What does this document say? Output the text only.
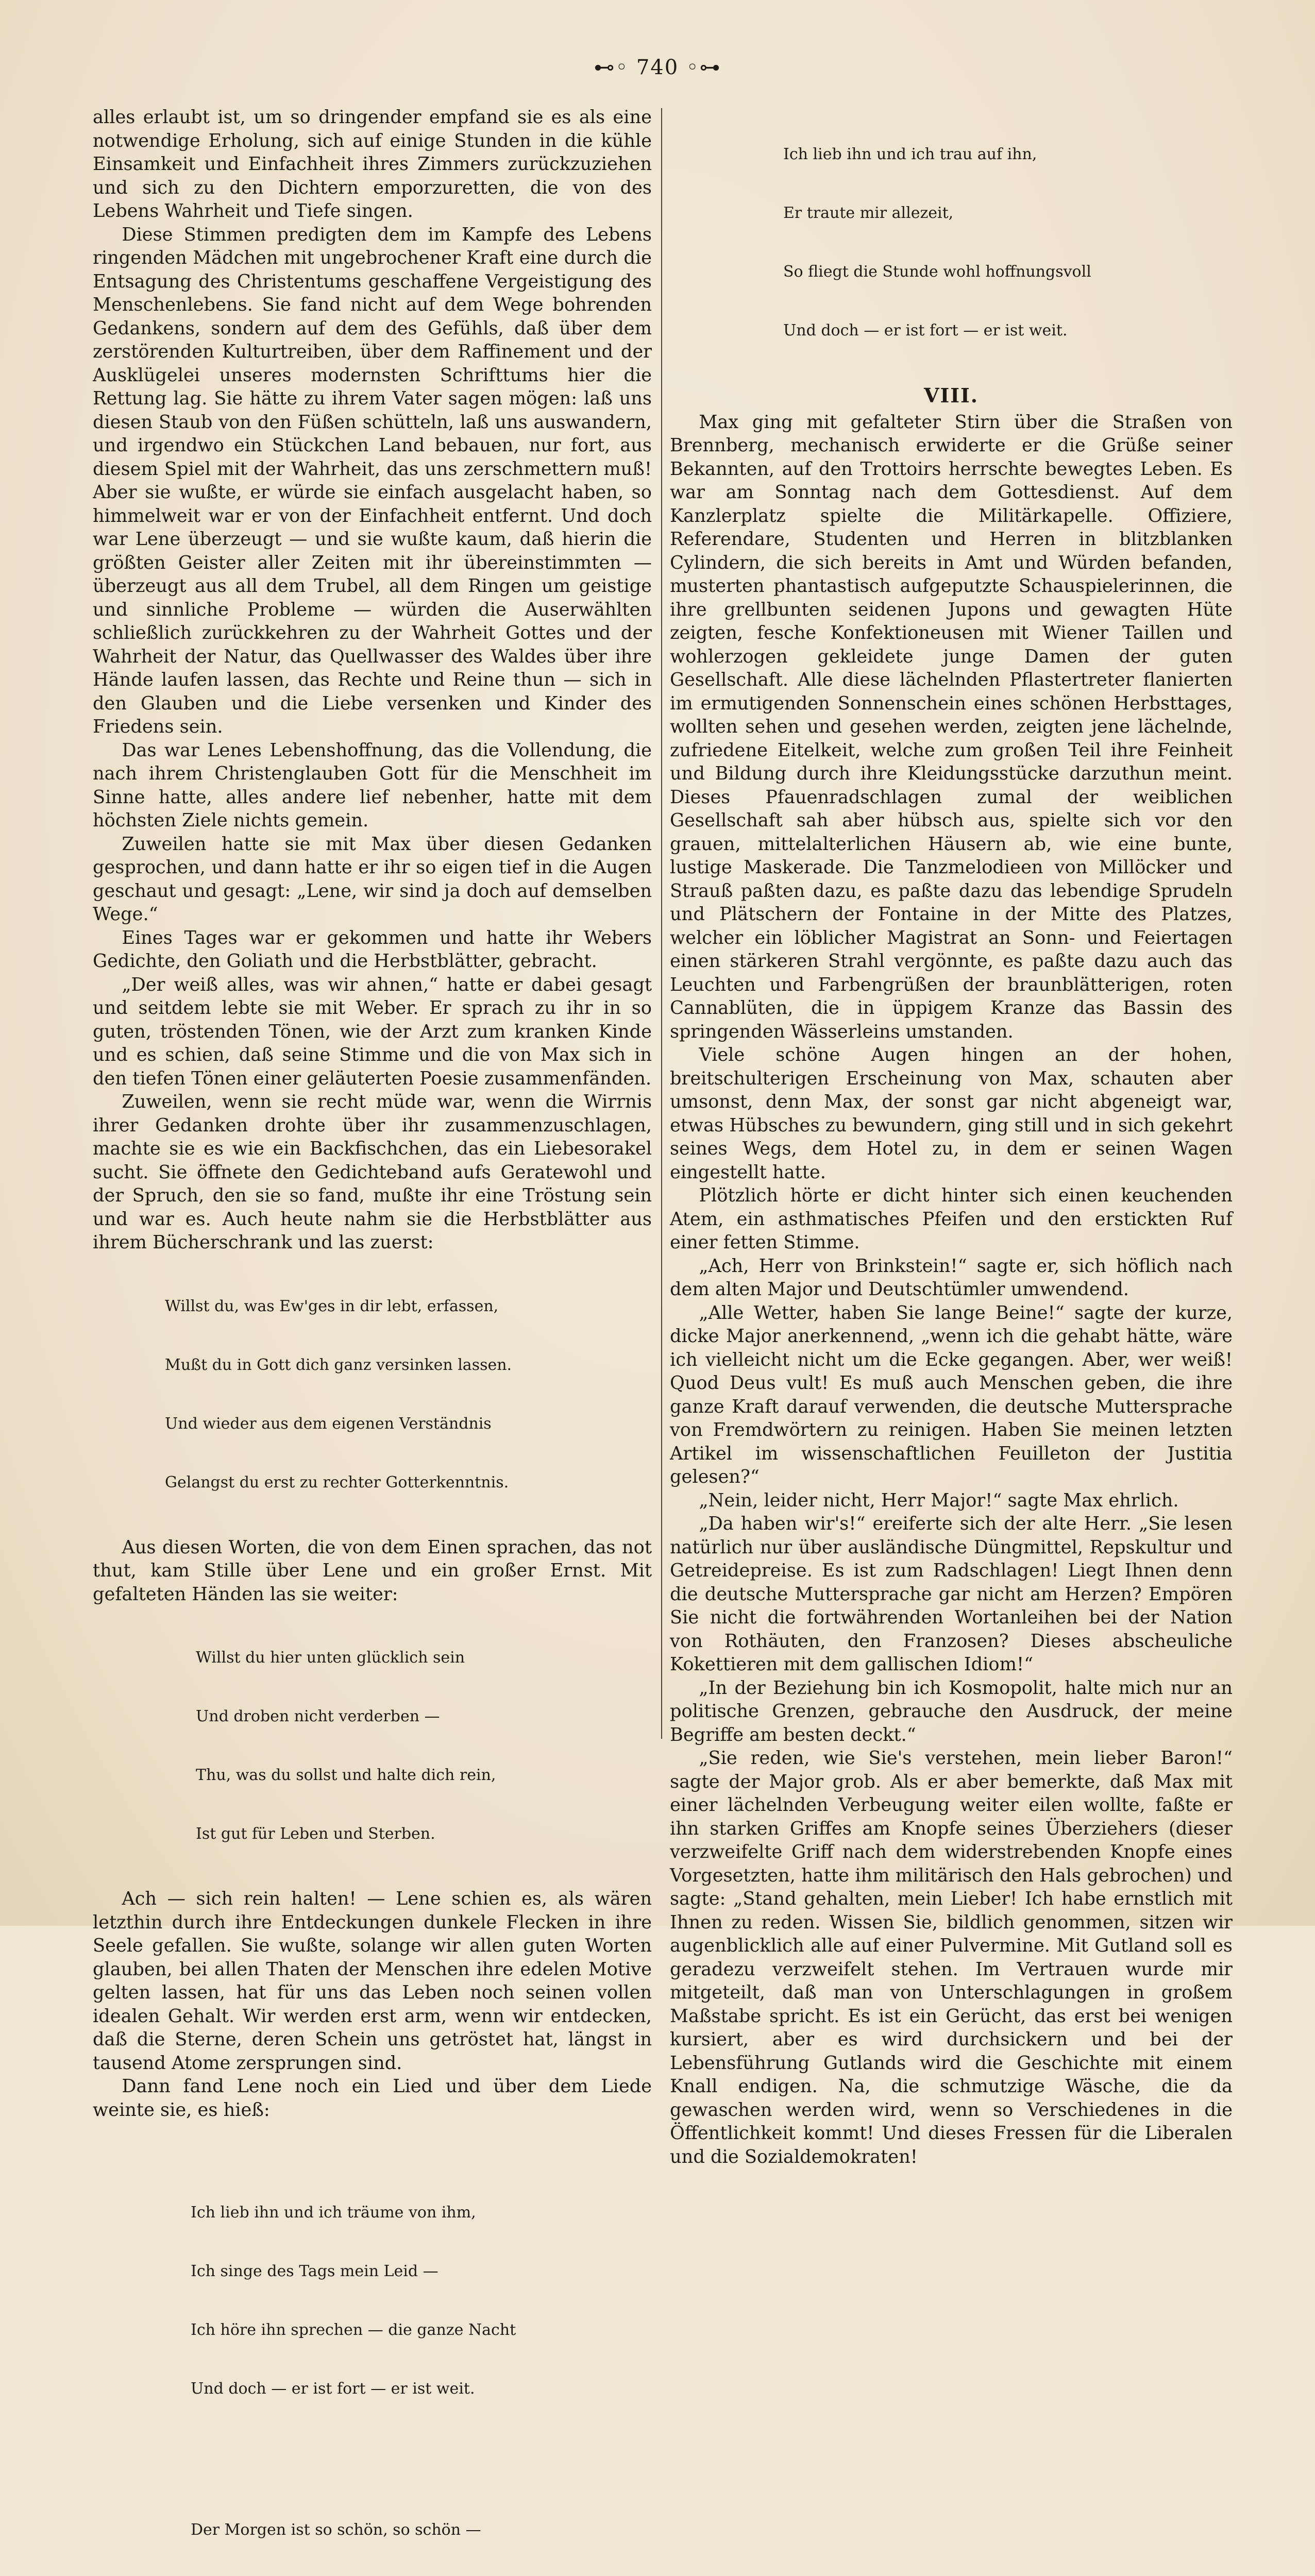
⊷◦ 740 ◦⊶

alles erlaubt ist, um so dringender empfand sie es als eine notwendige Erholung, sich auf einige Stunden in die kühle Einsamkeit und Einfachheit ihres Zimmers zurückzuziehen und sich zu den Dichtern emporzuretten, die von des Lebens Wahrheit und Tiefe singen.

Diese Stimmen predigten dem im Kampfe des Lebens ringenden Mädchen mit ungebrochener Kraft eine durch die Entsagung des Christentums geschaffene Vergeistigung des Menschenlebens. Sie fand nicht auf dem Wege bohrenden Gedankens, sondern auf dem des Gefühls, daß über dem zerstörenden Kulturtreiben, über dem Raffinement und der Ausklügelei unseres modernsten Schrifttums hier die Rettung lag. Sie hätte zu ihrem Vater sagen mögen: laß uns diesen Staub von den Füßen schütteln, laß uns auswandern, und irgendwo ein Stückchen Land bebauen, nur fort, aus diesem Spiel mit der Wahrheit, das uns zerschmettern muß! Aber sie wußte, er würde sie einfach ausgelacht haben, so himmelweit war er von der Einfachheit entfernt. Und doch war Lene überzeugt — und sie wußte kaum, daß hierin die größten Geister aller Zeiten mit ihr übereinstimmten — überzeugt aus all dem Trubel, all dem Ringen um geistige und sinnliche Probleme — würden die Auserwählten schließlich zurückkehren zu der Wahrheit Gottes und der Wahrheit der Natur, das Quellwasser des Waldes über ihre Hände laufen lassen, das Rechte und Reine thun — sich in den Glauben und die Liebe versenken und Kinder des Friedens sein.

Das war Lenes Lebenshoffnung, das die Vollendung, die nach ihrem Christenglauben Gott für die Menschheit im Sinne hatte, alles andere lief nebenher, hatte mit dem höchsten Ziele nichts gemein.

Zuweilen hatte sie mit Max über diesen Gedanken gesprochen, und dann hatte er ihr so eigen tief in die Augen geschaut und gesagt: „Lene, wir sind ja doch auf demselben Wege.“

Eines Tages war er gekommen und hatte ihr Webers Gedichte, den Goliath und die Herbstblätter, gebracht.

„Der weiß alles, was wir ahnen,“ hatte er dabei gesagt und seitdem lebte sie mit Weber. Er sprach zu ihr in so guten, tröstenden Tönen, wie der Arzt zum kranken Kinde und es schien, daß seine Stimme und die von Max sich in den tiefen Tönen einer geläuterten Poesie zusammenfänden.

Zuweilen, wenn sie recht müde war, wenn die Wirrnis ihrer Gedanken drohte über ihr zusammenzuschlagen, machte sie es wie ein Backfischchen, das ein Liebesorakel sucht. Sie öffnete den Gedichteband aufs Geratewohl und der Spruch, den sie so fand, mußte ihr eine Tröstung sein und war es. Auch heute nahm sie die Herbstblätter aus ihrem Bücherschrank und las zuerst:

Willst du, was Ew'ges in dir lebt, erfassen,

Mußt du in Gott dich ganz versinken lassen.

Und wieder aus dem eigenen Verständnis

Gelangst du erst zu rechter Gotterkenntnis.

Aus diesen Worten, die von dem Einen sprachen, das not thut, kam Stille über Lene und ein großer Ernst. Mit gefalteten Händen las sie weiter:

Willst du hier unten glücklich sein

Und droben nicht verderben —

Thu, was du sollst und halte dich rein,

Ist gut für Leben und Sterben.

Ach — sich rein halten! — Lene schien es, als wären letzthin durch ihre Entdeckungen dunkele Flecken in ihre Seele gefallen. Sie wußte, solange wir allen guten Worten glauben, bei allen Thaten der Menschen ihre edelen Motive gelten lassen, hat für uns das Leben noch seinen vollen idealen Gehalt. Wir werden erst arm, wenn wir entdecken, daß die Sterne, deren Schein uns getröstet hat, längst in tausend Atome zersprungen sind.

Dann fand Lene noch ein Lied und über dem Liede weinte sie, es hieß:

Ich lieb ihn und ich träume von ihm,

Ich singe des Tags mein Leid —

Ich höre ihn sprechen — die ganze Nacht

Und doch — er ist fort — er ist weit.

Der Morgen ist so schön, so schön —

Ich lieb ihn und ich trau auf ihn,

Er traute mir allezeit,

So fliegt die Stunde wohl hoffnungsvoll

Und doch — er ist fort — er ist weit.

VIII.

Max ging mit gefalteter Stirn über die Straßen von Brennberg, mechanisch erwiderte er die Grüße seiner Bekannten, auf den Trottoirs herrschte bewegtes Leben. Es war am Sonntag nach dem Gottesdienst. Auf dem Kanzlerplatz spielte die Militärkapelle. Offiziere, Referendare, Studenten und Herren in blitzblanken Cylindern, die sich bereits in Amt und Würden befanden, musterten phantastisch aufgeputzte Schauspielerinnen, die ihre grellbunten seidenen Jupons und gewagten Hüte zeigten, fesche Konfektioneusen mit Wiener Taillen und wohlerzogen gekleidete junge Damen der guten Gesellschaft. Alle diese lächelnden Pflastertreter flanierten im ermutigenden Sonnenschein eines schönen Herbsttages, wollten sehen und gesehen werden, zeigten jene lächelnde, zufriedene Eitelkeit, welche zum großen Teil ihre Feinheit und Bildung durch ihre Kleidungsstücke darzuthun meint. Dieses Pfauenradschlagen zumal der weiblichen Gesellschaft sah aber hübsch aus, spielte sich vor den grauen, mittelalterlichen Häusern ab, wie eine bunte, lustige Maskerade. Die Tanzmelodieen von Millöcker und Strauß paßten dazu, es paßte dazu das lebendige Sprudeln und Plätschern der Fontaine in der Mitte des Platzes, welcher ein löblicher Magistrat an Sonn- und Feiertagen einen stärkeren Strahl vergönnte, es paßte dazu auch das Leuchten und Farbengrüßen der braunblätterigen, roten Cannablüten, die in üppigem Kranze das Bassin des springenden Wässerleins umstanden.

Viele schöne Augen hingen an der hohen, breitschulterigen Erscheinung von Max, schauten aber umsonst, denn Max, der sonst gar nicht abgeneigt war, etwas Hübsches zu bewundern, ging still und in sich gekehrt seines Wegs, dem Hotel zu, in dem er seinen Wagen eingestellt hatte.

Plötzlich hörte er dicht hinter sich einen keuchenden Atem, ein asthmatisches Pfeifen und den erstickten Ruf einer fetten Stimme.

„Ach, Herr von Brinkstein!“ sagte er, sich höflich nach dem alten Major und Deutschtümler umwendend.

„Alle Wetter, haben Sie lange Beine!“ sagte der kurze, dicke Major anerkennend, „wenn ich die gehabt hätte, wäre ich vielleicht nicht um die Ecke gegangen. Aber, wer weiß! Quod Deus vult! Es muß auch Menschen geben, die ihre ganze Kraft darauf verwenden, die deutsche Muttersprache von Fremdwörtern zu reinigen. Haben Sie meinen letzten Artikel im wissenschaftlichen Feuilleton der Justitia gelesen?“

„Nein, leider nicht, Herr Major!“ sagte Max ehrlich.

„Da haben wir's!“ ereiferte sich der alte Herr. „Sie lesen natürlich nur über ausländische Düngmittel, Repskultur und Getreidepreise. Es ist zum Radschlagen! Liegt Ihnen denn die deutsche Muttersprache gar nicht am Herzen? Empören Sie nicht die fortwährenden Wortanleihen bei der Nation von Rothäuten, den Franzosen? Dieses abscheuliche Kokettieren mit dem gallischen Idiom!“

„In der Beziehung bin ich Kosmopolit, halte mich nur an politische Grenzen, gebrauche den Ausdruck, der meine Begriffe am besten deckt.“

„Sie reden, wie Sie's verstehen, mein lieber Baron!“ sagte der Major grob. Als er aber bemerkte, daß Max mit einer lächelnden Verbeugung weiter eilen wollte, faßte er ihn starken Griffes am Knopfe seines Überziehers (dieser verzweifelte Griff nach dem widerstrebenden Knopfe eines Vorgesetzten, hatte ihm militärisch den Hals gebrochen) und sagte: „Stand gehalten, mein Lieber! Ich habe ernstlich mit Ihnen zu reden. Wissen Sie, bildlich genommen, sitzen wir augenblicklich alle auf einer Pulvermine. Mit Gutland soll es geradezu verzweifelt stehen. Im Vertrauen wurde mir mitgeteilt, daß man von Unterschlagungen in großem Maßstabe spricht. Es ist ein Gerücht, das erst bei wenigen kursiert, aber es wird durchsickern und bei der Lebensführung Gutlands wird die Geschichte mit einem Knall endigen. Na, die schmutzige Wäsche, die da gewaschen werden wird, wenn so Verschiedenes in die Öffentlichkeit kommt! Und dieses Fressen für die Liberalen und die Sozialdemokraten!
